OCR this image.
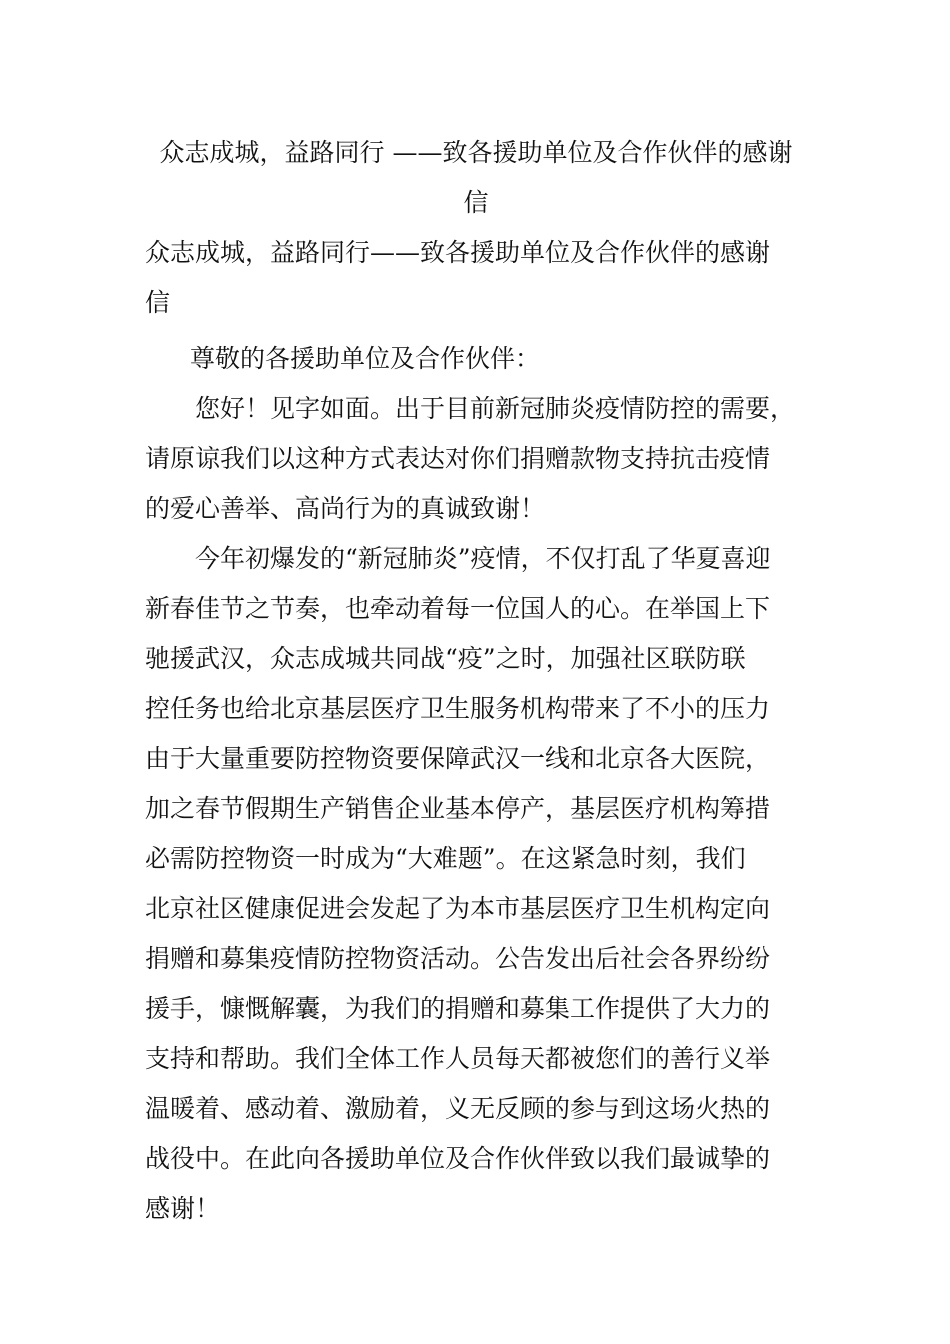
众志成城，益路同行 ——致各援助单位及合作伙伴的感谢
信
众志成城，益路同行——致各援助单位及合作伙伴的感谢
信

尊敬的各援助单位及合作伙伴：

您好！见字如面。出于目前新冠肺炎疫情防控的需要，
请原谅我们以这种方式表达对你们捐赠款物支持抗击疫情
的爱心善举、高尚行为的真诚致谢！
今年初爆发的“新冠肺炎”疫情，不仅打乱了华夏喜迎
新春佳节之节奏，也牵动着每一位国人的心。在举国上下
驰援武汉，众志成城共同战“疫”之时，加强社区联防联
控任务也给北京基层医疗卫生服务机构带来了不小的压力
由于大量重要防控物资要保障武汉一线和北京各大医院，
加之春节假期生产销售企业基本停产，基层医疗机构筹措
必需防控物资一时成为“大难题”。在这紧急时刻，我们
北京社区健康促进会发起了为本市基层医疗卫生机构定向
捐赠和募集疫情防控物资活动。公告发出后社会各界纷纷
援手，慷慨解囊，为我们的捐赠和募集工作提供了大力的
支持和帮助。我们全体工作人员每天都被您们的善行义举
温暖着、感动着、激励着，义无反顾的参与到这场火热的
战役中。在此向各援助单位及合作伙伴致以我们最诚挚的
感谢！
